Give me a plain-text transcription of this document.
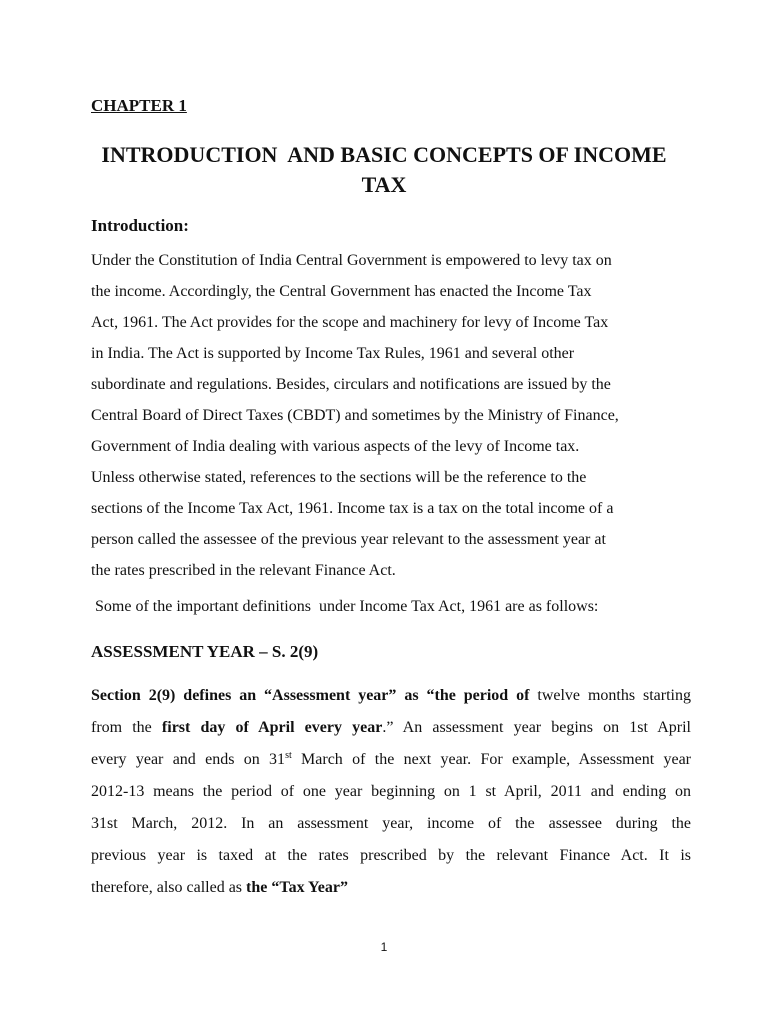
CHAPTER 1
INTRODUCTION  AND BASIC CONCEPTS OF INCOME
TAX
Introduction:
Under the Constitution of India Central Government is empowered to levy tax on
the income. Accordingly, the Central Government has enacted the Income Tax
Act, 1961. The Act provides for the scope and machinery for levy of Income Tax
in India. The Act is supported by Income Tax Rules, 1961 and several other
subordinate and regulations. Besides, circulars and notifications are issued by the
Central Board of Direct Taxes (CBDT) and sometimes by the Ministry of Finance,
Government of India dealing with various aspects of the levy of Income tax.
Unless otherwise stated, references to the sections will be the reference to the
sections of the Income Tax Act, 1961. Income tax is a tax on the total income of a
person called the assessee of the previous year relevant to the assessment year at
the rates prescribed in the relevant Finance Act.
Some of the important definitions  under Income Tax Act, 1961 are as follows:
ASSESSMENT YEAR – S. 2(9)
Section 2(9) defines an “Assessment year” as “the period of twelve months starting
from the first day of April every year.” An assessment year begins on 1st April
every year and ends on 31st March of the next year. For example, Assessment year
2012-13 means the period of one year beginning on 1 st April, 2011 and ending on
31st March, 2012. In an assessment year, income of the assessee during the
previous year is taxed at the rates prescribed by the relevant Finance Act. It is
therefore, also called as the “Tax Year”
1
